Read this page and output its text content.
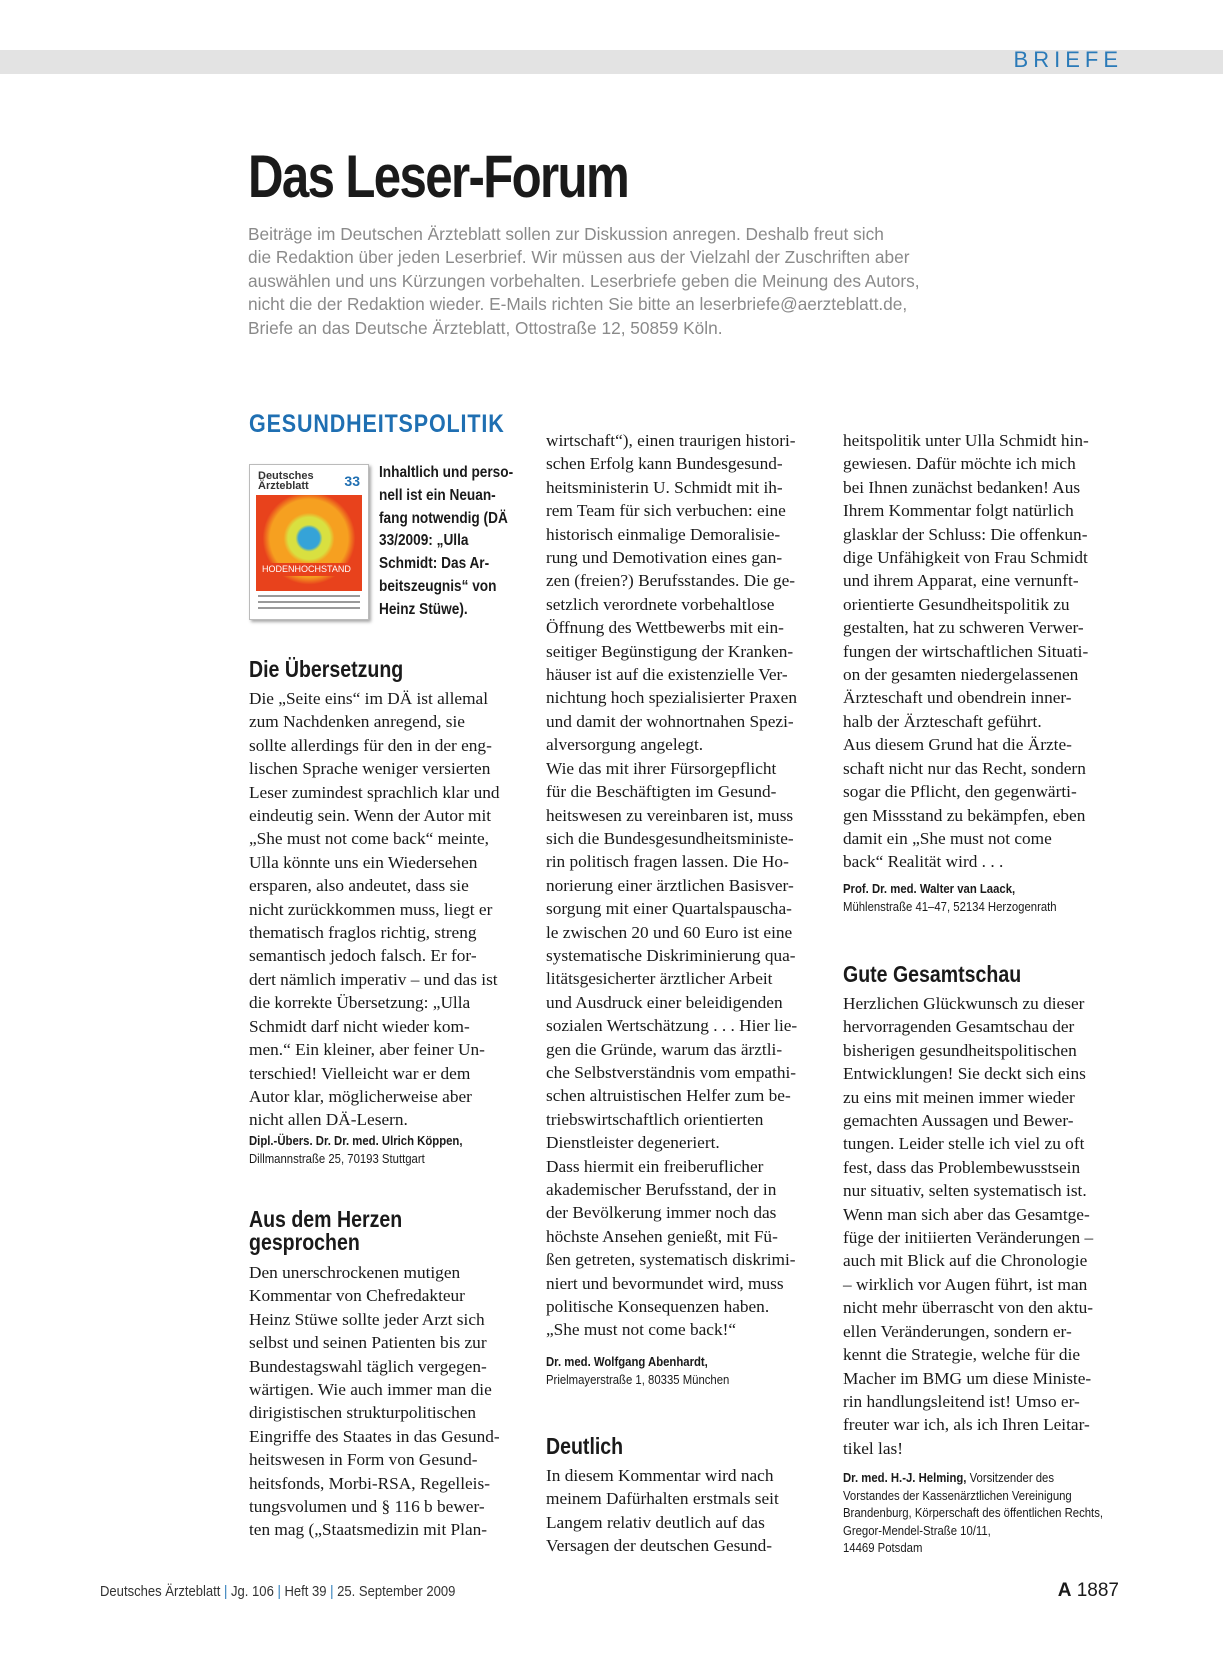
BRIEFE
Das Leser-Forum
Beiträge im Deutschen Ärzteblatt sollen zur Diskussion anregen. Deshalb freut sich
die Redaktion über jeden Leserbrief. Wir müssen aus der Vielzahl der Zuschriften aber
auswählen und uns Kürzungen vorbehalten. Leserbriefe geben die Meinung des Autors,
nicht die der Redaktion wieder. E-Mails richten Sie bitte an leserbriefe@aerzteblatt.de,
Briefe an das Deutsche Ärzteblatt, Ottostraße 12, 50859 Köln.
GESUNDHEITSPOLITIK
Deutsches
Ärzteblatt	33
HODENHOCHSTAND
Inhaltlich und perso-
nell ist ein Neuan-
fang notwendig (DÄ
33/2009: „Ulla
Schmidt: Das Ar-
beitszeugnis“ von
Heinz Stüwe).
Die Übersetzung
Die „Seite eins“ im DÄ ist allemal
zum Nachdenken anregend, sie
sollte allerdings für den in der eng-
lischen Sprache weniger versierten
Leser zumindest sprachlich klar und
eindeutig sein. Wenn der Autor mit
„She must not come back“ meinte,
Ulla könnte uns ein Wiedersehen
ersparen, also andeutet, dass sie
nicht zurückkommen muss, liegt er
thematisch fraglos richtig, streng
semantisch jedoch falsch. Er for-
dert nämlich imperativ – und das ist
die korrekte Übersetzung: „Ulla
Schmidt darf nicht wieder kom-
men.“ Ein kleiner, aber feiner Un-
terschied! Vielleicht war er dem
Autor klar, möglicherweise aber
nicht allen DÄ-Lesern.
Dipl.-Übers. Dr. Dr. med. Ulrich Köppen,
Dillmannstraße 25, 70193 Stuttgart
Aus dem Herzen
gesprochen
Den unerschrockenen mutigen
Kommentar von Chefredakteur
Heinz Stüwe sollte jeder Arzt sich
selbst und seinen Patienten bis zur
Bundestagswahl täglich vergegen-
wärtigen. Wie auch immer man die
dirigistischen strukturpolitischen
Eingriffe des Staates in das Gesund-
heitswesen in Form von Gesund-
heitsfonds, Morbi-RSA, Regelleis-
tungsvolumen und § 116 b bewer-
ten mag („Staatsmedizin mit Plan-
wirtschaft“), einen traurigen histori-
schen Erfolg kann Bundesgesund-
heitsministerin U. Schmidt mit ih-
rem Team für sich verbuchen: eine
historisch einmalige Demoralisie-
rung und Demotivation eines gan-
zen (freien?) Berufsstandes. Die ge-
setzlich verordnete vorbehaltlose
Öffnung des Wettbewerbs mit ein-
seitiger Begünstigung der Kranken-
häuser ist auf die existenzielle Ver-
nichtung hoch spezialisierter Praxen
und damit der wohnortnahen Spezi-
alversorgung angelegt.
Wie das mit ihrer Fürsorgepflicht
für die Beschäftigten im Gesund-
heitswesen zu vereinbaren ist, muss
sich die Bundesgesundheitsministe-
rin politisch fragen lassen. Die Ho-
norierung einer ärztlichen Basisver-
sorgung mit einer Quartalspauscha-
le zwischen 20 und 60 Euro ist eine
systematische Diskriminierung qua-
litätsgesicherter ärztlicher Arbeit
und Ausdruck einer beleidigenden
sozialen Wertschätzung . . . Hier lie-
gen die Gründe, warum das ärztli-
che Selbstverständnis vom empathi-
schen altruistischen Helfer zum be-
triebswirtschaftlich orientierten
Dienstleister degeneriert.
Dass hiermit ein freiberuflicher
akademischer Berufsstand, der in
der Bevölkerung immer noch das
höchste Ansehen genießt, mit Fü-
ßen getreten, systematisch diskrimi-
niert und bevormundet wird, muss
politische Konsequenzen haben.
„She must not come back!“
Dr. med. Wolfgang Abenhardt,
Prielmayerstraße 1, 80335 München
Deutlich
In diesem Kommentar wird nach
meinem Dafürhalten erstmals seit
Langem relativ deutlich auf das
Versagen der deutschen Gesund-
heitspolitik unter Ulla Schmidt hin-
gewiesen. Dafür möchte ich mich
bei Ihnen zunächst bedanken! Aus
Ihrem Kommentar folgt natürlich
glasklar der Schluss: Die offenkun-
dige Unfähigkeit von Frau Schmidt
und ihrem Apparat, eine vernunft-
orientierte Gesundheitspolitik zu
gestalten, hat zu schweren Verwer-
fungen der wirtschaftlichen Situati-
on der gesamten niedergelassenen
Ärzteschaft und obendrein inner-
halb der Ärzteschaft geführt.
Aus diesem Grund hat die Ärzte-
schaft nicht nur das Recht, sondern
sogar die Pflicht, den gegenwärti-
gen Missstand zu bekämpfen, eben
damit ein „She must not come
back“ Realität wird . . .
Prof. Dr. med. Walter van Laack,
Mühlenstraße 41–47, 52134 Herzogenrath
Gute Gesamtschau
Herzlichen Glückwunsch zu dieser
hervorragenden Gesamtschau der
bisherigen gesundheitspolitischen
Entwicklungen! Sie deckt sich eins
zu eins mit meinen immer wieder
gemachten Aussagen und Bewer-
tungen. Leider stelle ich viel zu oft
fest, dass das Problembewusstsein
nur situativ, selten systematisch ist.
Wenn man sich aber das Gesamtge-
füge der initiierten Veränderungen –
auch mit Blick auf die Chronologie
– wirklich vor Augen führt, ist man
nicht mehr überrascht von den aktu-
ellen Veränderungen, sondern er-
kennt die Strategie, welche für die
Macher im BMG um diese Ministe-
rin handlungsleitend ist! Umso er-
freuter war ich, als ich Ihren Leitar-
tikel las!
Dr. med. H.-J. Helming, Vorsitzender des
Vorstandes der Kassenärztlichen Vereinigung
Brandenburg, Körperschaft des öffentlichen Rechts,
Gregor-Mendel-Straße 10/11,
14469 Potsdam
Deutsches Ärzteblatt | Jg. 106 | Heft 39 | 25. September 2009	A 1887
